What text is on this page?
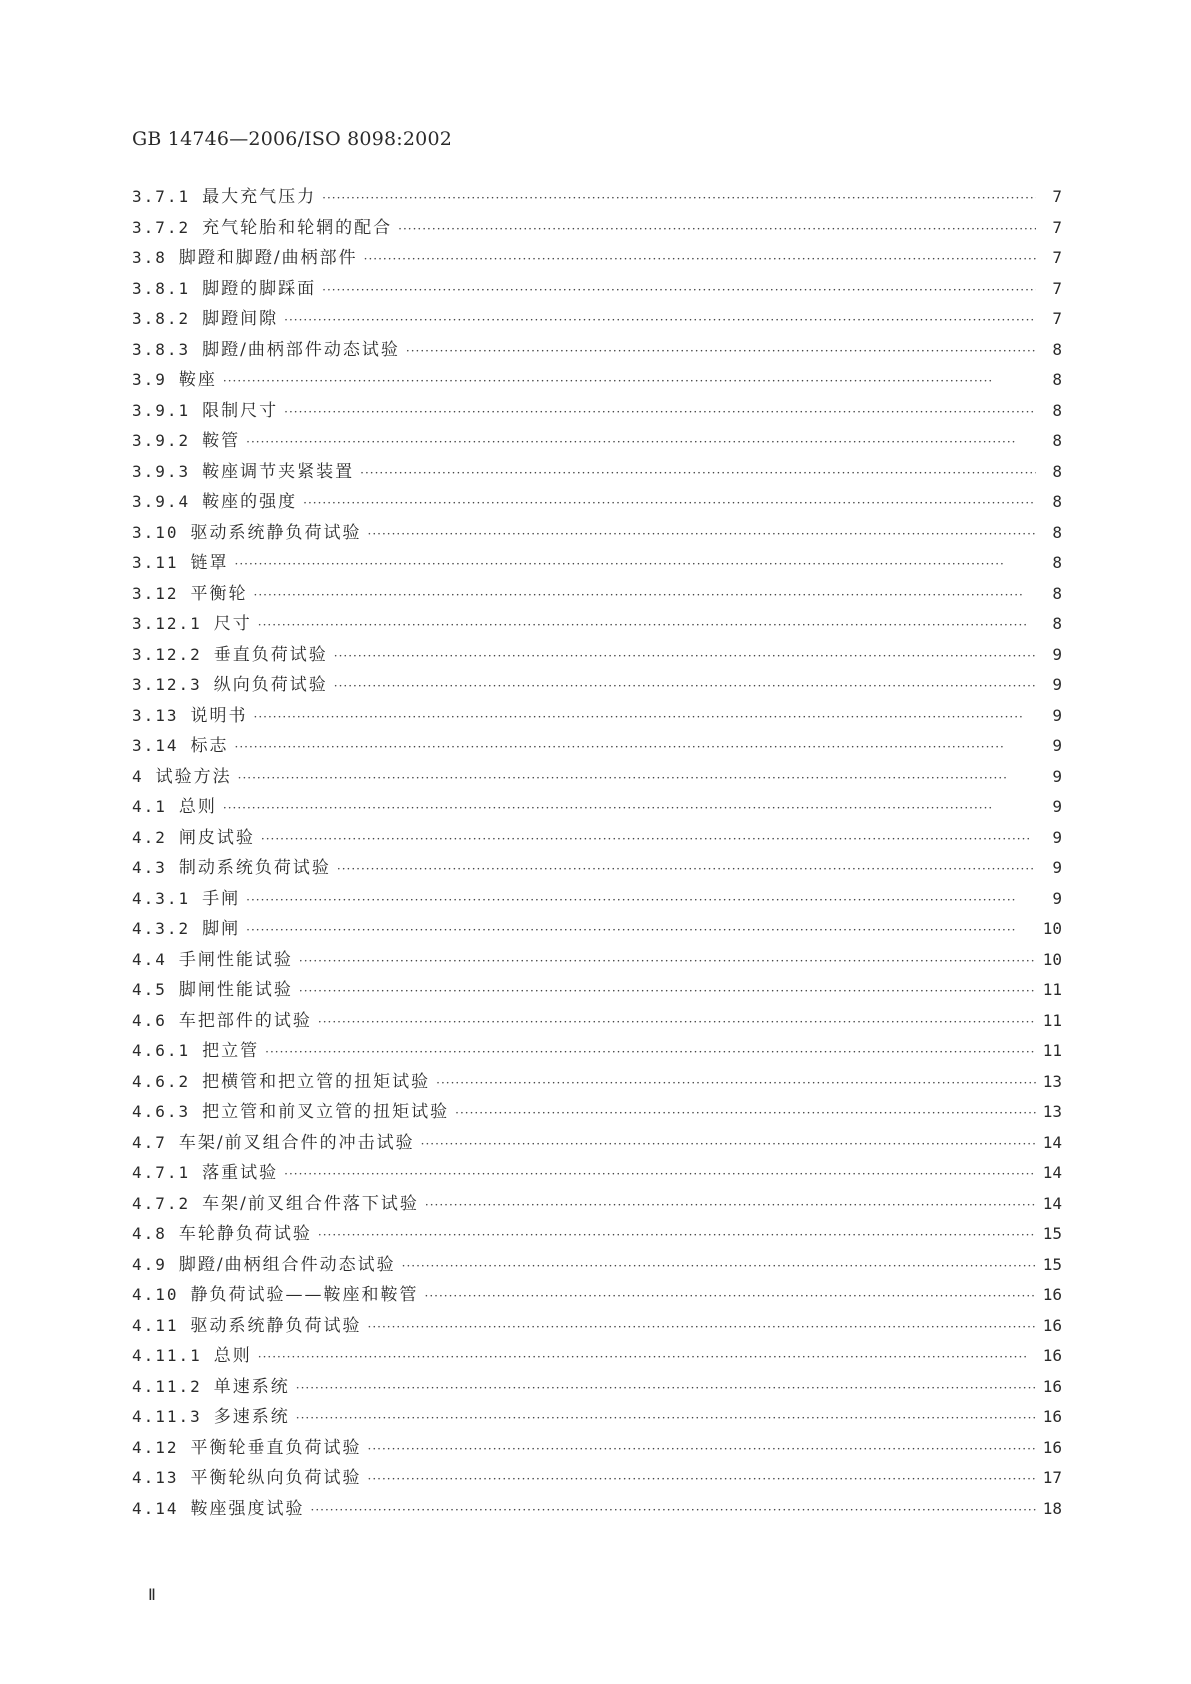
GB 14746—2006/ISO 8098:2002
3.7.1 最大充气压力 ·····	7
3.7.2 充气轮胎和轮辋的配合 ·····	7
3.8 脚蹬和脚蹬/曲柄部件 ·····	7
3.8.1 脚蹬的脚踩面 ·····	7
3.8.2 脚蹬间隙 ·····	7
3.8.3 脚蹬/曲柄部件动态试验 ·····	8
3.9 鞍座 ·····	8
3.9.1 限制尺寸 ·····	8
3.9.2 鞍管 ·····	8
3.9.3 鞍座调节夹紧装置 ·····	8
3.9.4 鞍座的强度 ·····	8
3.10 驱动系统静负荷试验 ·····	8
3.11 链罩 ·····	8
3.12 平衡轮 ·····	8
3.12.1 尺寸 ·····	8
3.12.2 垂直负荷试验 ·····	9
3.12.3 纵向负荷试验 ·····	9
3.13 说明书 ·····	9
3.14 标志 ·····	9
4 试验方法 ·····	9
4.1 总则 ·····	9
4.2 闸皮试验 ·····	9
4.3 制动系统负荷试验 ·····	9
4.3.1 手闸 ·····	9
4.3.2 脚闸 ·····	10
4.4 手闸性能试验 ·····	10
4.5 脚闸性能试验 ·····	11
4.6 车把部件的试验 ·····	11
4.6.1 把立管 ·····	11
4.6.2 把横管和把立管的扭矩试验 ·····	13
4.6.3 把立管和前叉立管的扭矩试验 ·····	13
4.7 车架/前叉组合件的冲击试验 ·····	14
4.7.1 落重试验 ·····	14
4.7.2 车架/前叉组合件落下试验 ·····	14
4.8 车轮静负荷试验 ·····	15
4.9 脚蹬/曲柄组合件动态试验 ·····	15
4.10 静负荷试验——鞍座和鞍管 ·····	16
4.11 驱动系统静负荷试验 ·····	16
4.11.1 总则 ·····	16
4.11.2 单速系统 ·····	16
4.11.3 多速系统 ·····	16
4.12 平衡轮垂直负荷试验 ·····	16
4.13 平衡轮纵向负荷试验 ·····	17
4.14 鞍座强度试验 ·····	18
Ⅱ
